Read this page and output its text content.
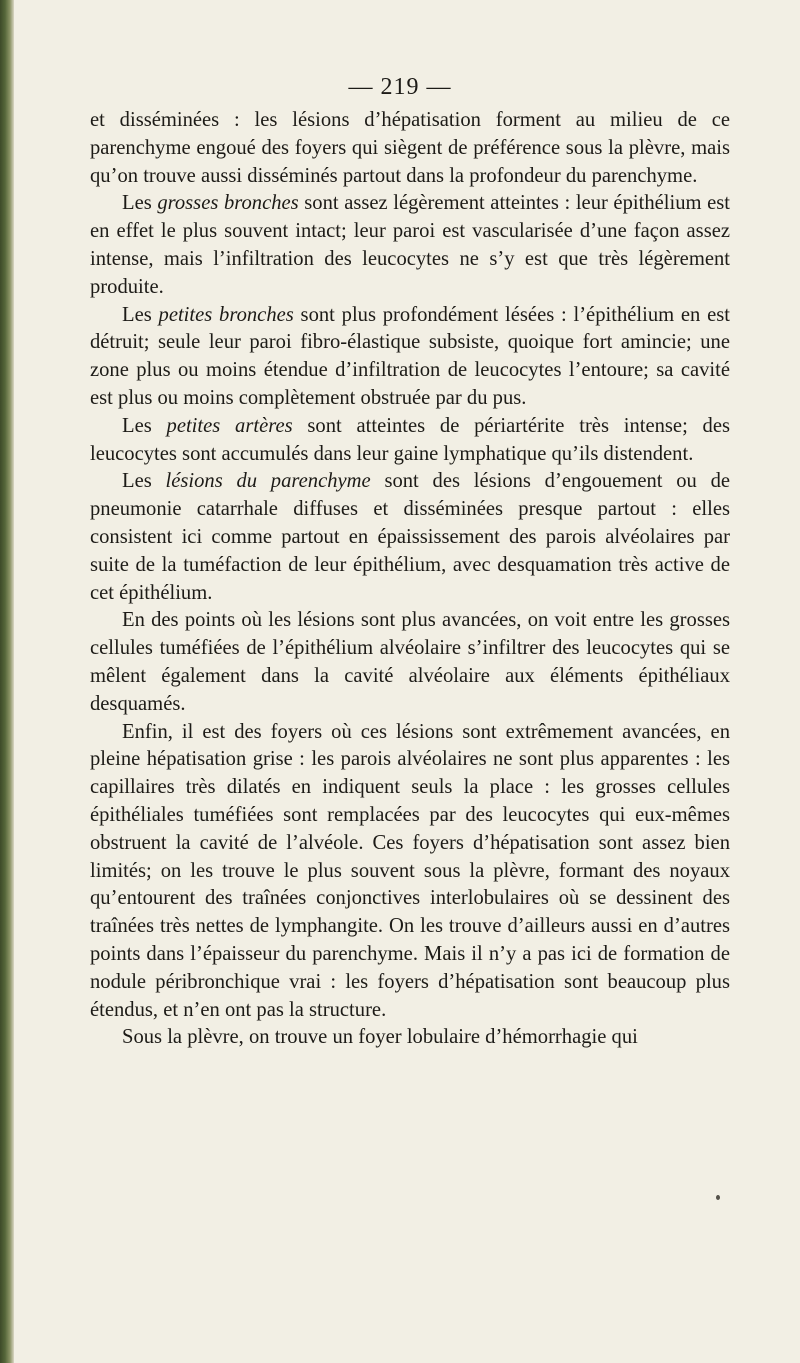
— 219 —

et disséminées : les lésions d’hépatisation forment au milieu de ce parenchyme engoué des foyers qui siègent de préférence sous la plèvre, mais qu’on trouve aussi disséminés partout dans la profondeur du parenchyme.

Les grosses bronches sont assez légèrement atteintes : leur épithélium est en effet le plus souvent intact; leur paroi est vascularisée d’une façon assez intense, mais l’infiltration des leucocytes ne s’y est que très légèrement produite.

Les petites bronches sont plus profondément lésées : l’épithélium en est détruit; seule leur paroi fibro-élastique subsiste, quoique fort amincie; une zone plus ou moins étendue d’infiltration de leucocytes l’entoure; sa cavité est plus ou moins complètement obstruée par du pus.

Les petites artères sont atteintes de périartérite très intense; des leucocytes sont accumulés dans leur gaine lymphatique qu’ils distendent.

Les lésions du parenchyme sont des lésions d’engouement ou de pneumonie catarrhale diffuses et disséminées presque partout : elles consistent ici comme partout en épaississement des parois alvéolaires par suite de la tuméfaction de leur épithélium, avec desquamation très active de cet épithélium.

En des points où les lésions sont plus avancées, on voit entre les grosses cellules tuméfiées de l’épithélium alvéolaire s’infiltrer des leucocytes qui se mêlent également dans la cavité alvéolaire aux éléments épithéliaux desquamés.

Enfin, il est des foyers où ces lésions sont extrêmement avancées, en pleine hépatisation grise : les parois alvéolaires ne sont plus apparentes : les capillaires très dilatés en indiquent seuls la place : les grosses cellules épithéliales tuméfiées sont remplacées par des leucocytes qui eux-mêmes obstruent la cavité de l’alvéole. Ces foyers d’hépatisation sont assez bien limités; on les trouve le plus souvent sous la plèvre, formant des noyaux qu’entourent des traînées conjonctives interlobulaires où se dessinent des traînées très nettes de lymphangite. On les trouve d’ailleurs aussi en d’autres points dans l’épaisseur du parenchyme. Mais il n’y a pas ici de formation de nodule péribronchique vrai : les foyers d’hépatisation sont beaucoup plus étendus, et n’en ont pas la structure.

Sous la plèvre, on trouve un foyer lobulaire d’hémorrhagie qui
